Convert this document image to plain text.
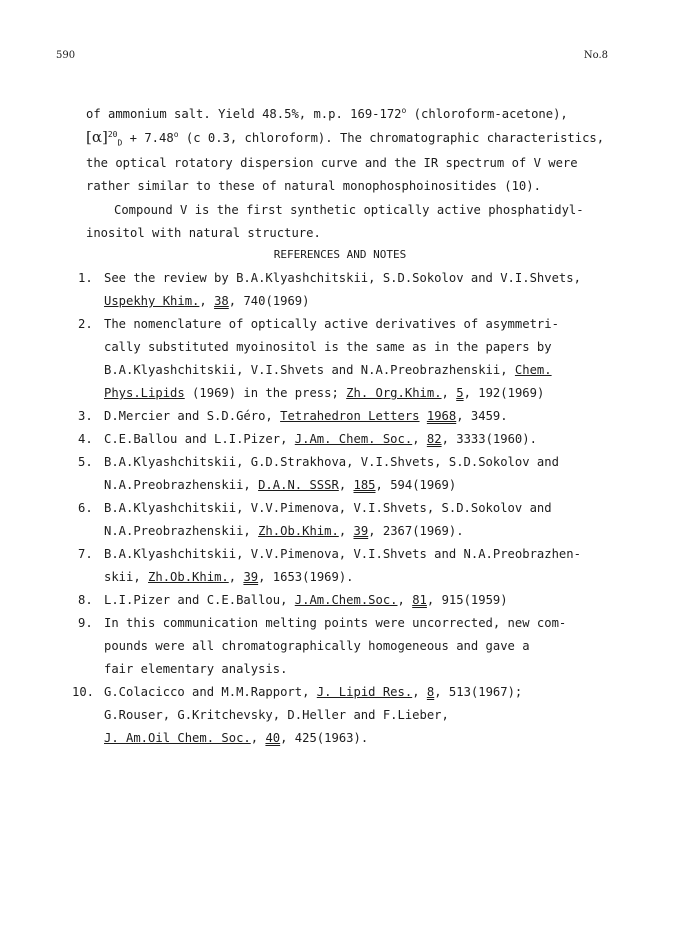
590	No.8
of ammonium salt. Yield 48.5%, m.p. 169-172$^o$ (chloroform-acetone),
$[\alpha]^{20}_D + 7.48^o$ (c 0.3, chloroform). The chromatographic characteristics,
the optical rotatory dispersion curve and the IR spectrum of V were
rather similar to these of natural monophosphoinositides (10).
Compound V is the first synthetic optically active phosphatidyl-
inositol with natural structure.
REFERENCES AND NOTES
1. See the review by B.A.Klyashchitskii, S.D.Sokolov and V.I.Shvets,
Uspekhy Khim., 38, 740(1969)
2. The nomenclature of optically active derivatives of asymmetri-
cally substituted myoinositol is the same as in the papers by
B.A.Klyashchitskii, V.I.Shvets and N.A.Preobrazhenskii, Chem.
Phys.Lipids (1969) in the press; Zh. Org.Khim., 5, 192(1969)
3. D.Mercier and S.D.Géro, Tetrahedron Letters 1968, 3459.
4. C.E.Ballou and L.I.Pizer, J.Am. Chem. Soc., 82, 3333(1960).
5. B.A.Klyashchitskii, G.D.Strakhova, V.I.Shvets, S.D.Sokolov and
N.A.Preobrazhenskii, D.A.N. SSSR, 185, 594(1969)
6. B.A.Klyashchitskii, V.V.Pimenova, V.I.Shvets, S.D.Sokolov and
N.A.Preobrazhenskii, Zh.Ob.Khim., 39, 2367(1969).
7. B.A.Klyashchitskii, V.V.Pimenova, V.I.Shvets and N.A.Preobrazhen-
skii, Zh.Ob.Khim., 39, 1653(1969).
8. L.I.Pizer and C.E.Ballou, J.Am.Chem.Soc., 81, 915(1959)
9. In this communication melting points were uncorrected, new com-
pounds were all chromatographically homogeneous and gave a
fair elementary analysis.
10. G.Colacicco and M.M.Rapport, J. Lipid Res., 8, 513(1967);
G.Rouser, G.Kritchevsky, D.Heller and F.Lieber,
J. Am.Oil Chem. Soc., 40, 425(1963).
